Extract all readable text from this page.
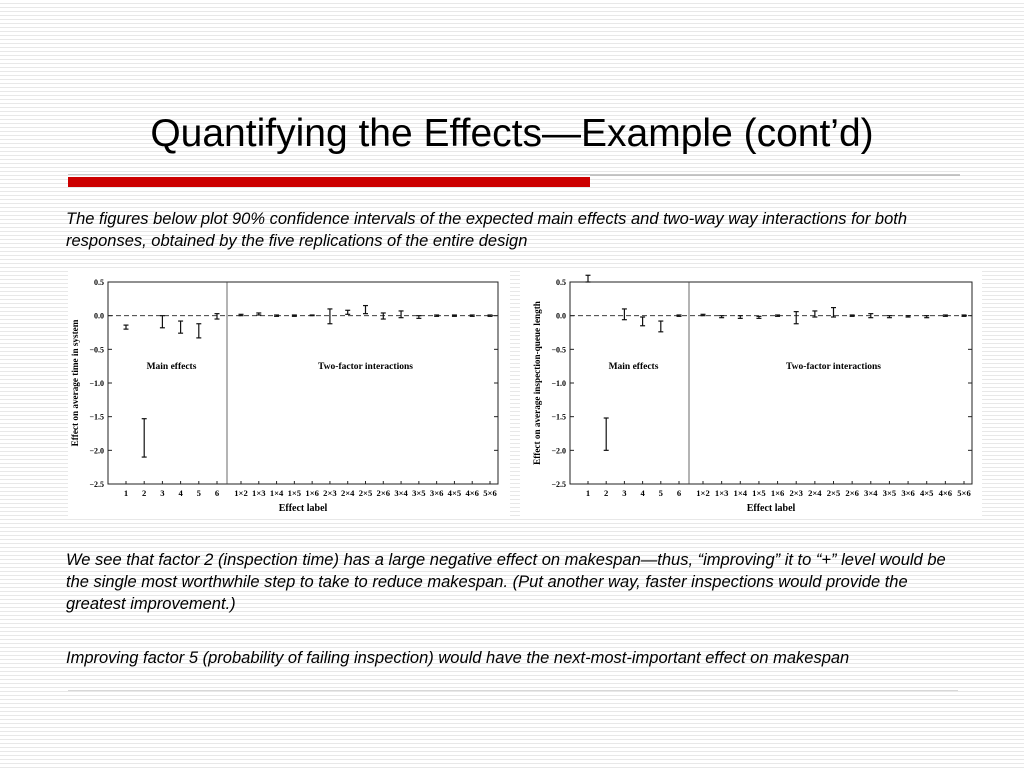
Quantifying the Effects—Example (cont’d)

The figures below plot 90% confidence intervals of the expected main effects and two-way way interactions for both responses, obtained by the five replications of the entire design

0.5
0.0
−0.5
−1.0
−1.5
−2.0
−2.5
1 2 3 4 5 6 1×2 1×3 1×4 1×5 1×6 2×3 2×4 2×5 2×6 3×4 3×5 3×6 4×5 4×6 5×6
Main effects	Two-factor interactions
Effect label
Effect on average time in system
0.5
0.0
−0.5
−1.0
−1.5
−2.0
−2.5
1 2 3 4 5 6 1×2 1×3 1×4 1×5 1×6 2×3 2×4 2×5 2×6 3×4 3×5 3×6 4×5 4×6 5×6
Main effects	Two-factor interactions
Effect label
Effect on average inspection-queue length

We see that factor 2 (inspection time) has a large negative effect on makespan—thus, “improving” it to “+” level would be the single most worthwhile step to take to reduce makespan. (Put another way, faster inspections would provide the greatest improvement.)

Improving factor 5 (probability of failing inspection) would have the next-most-important effect on makespan
